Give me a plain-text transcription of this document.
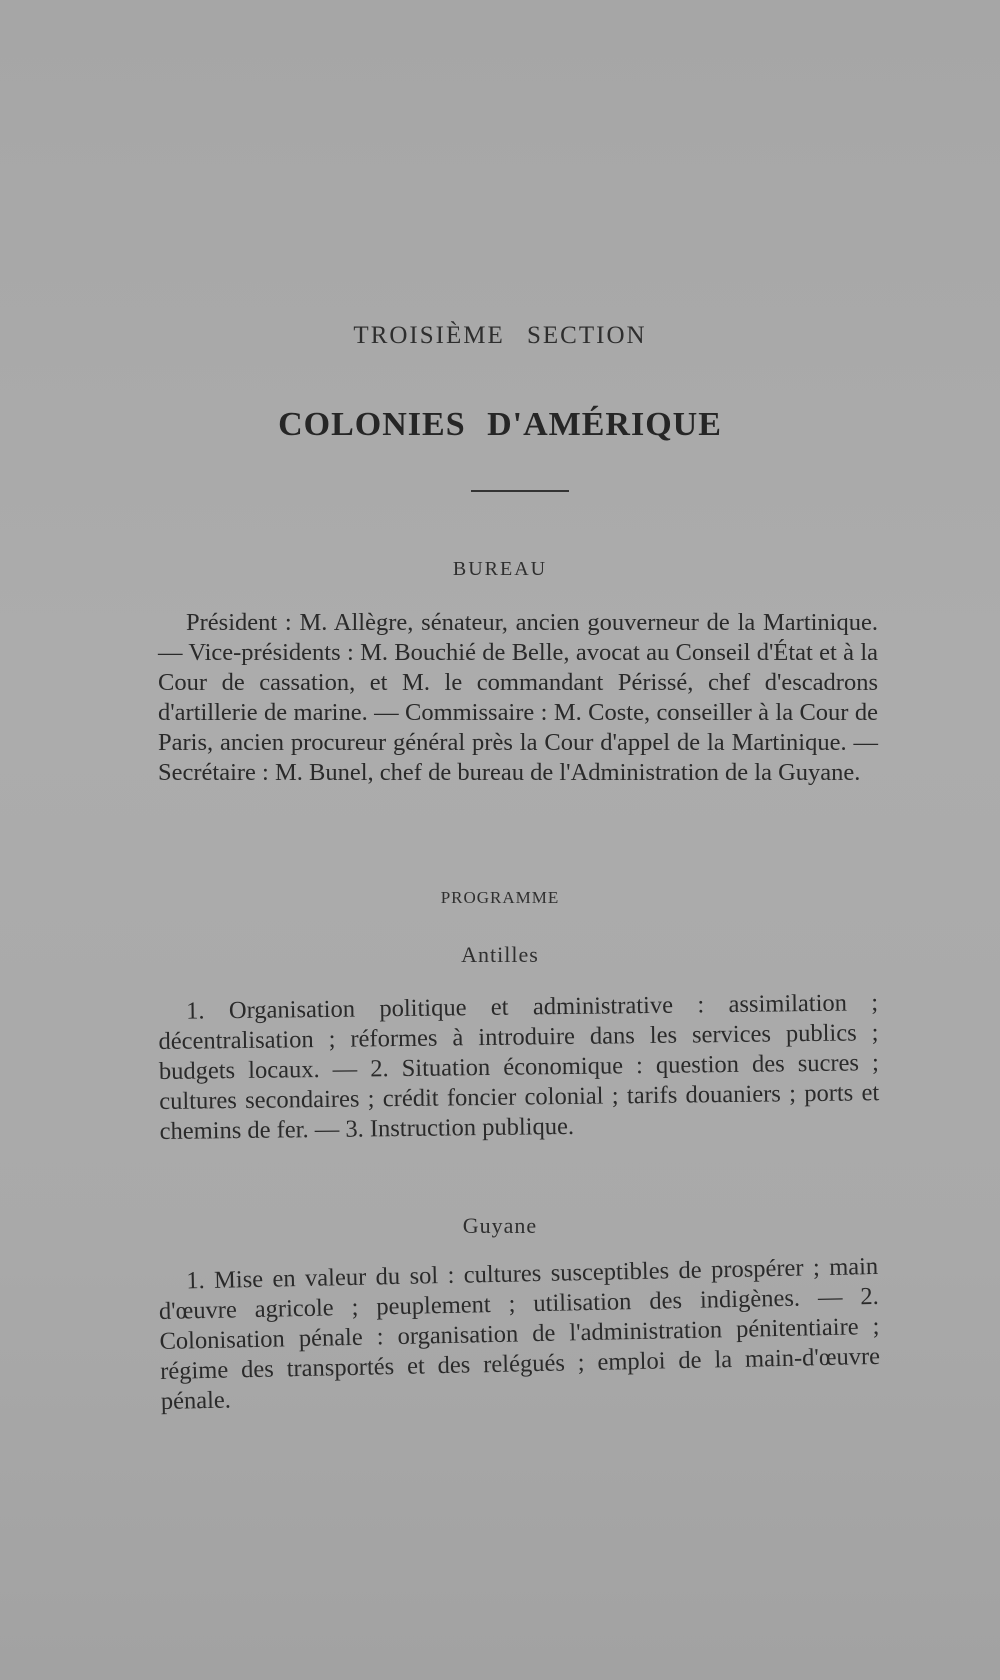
TROISIÈME SECTION
COLONIES D'AMÉRIQUE
BUREAU
Président : M. Allègre, sénateur, ancien gouverneur de la Martinique. — Vice-présidents : M. Bouchié de Belle, avocat au Conseil d'État et à la Cour de cassation, et M. le commandant Périssé, chef d'escadrons d'artillerie de marine. — Commissaire : M. Coste, conseiller à la Cour de Paris, ancien procureur général près la Cour d'appel de la Martinique. — Secrétaire : M. Bunel, chef de bureau de l'Administration de la Guyane.
PROGRAMME
Antilles
1. Organisation politique et administrative : assimilation ; décentralisation ; réformes à introduire dans les services publics ; budgets locaux. — 2. Situation économique : question des sucres ; cultures secondaires ; crédit foncier colonial ; tarifs douaniers ; ports et chemins de fer. — 3. Instruction publique.
Guyane
1. Mise en valeur du sol : cultures susceptibles de prospérer ; main d'œuvre agricole ; peuplement ; utilisation des indigènes. — 2. Colonisation pénale : organisation de l'administration pénitentiaire ; régime des transportés et des relégués ; emploi de la main-d'œuvre pénale.
